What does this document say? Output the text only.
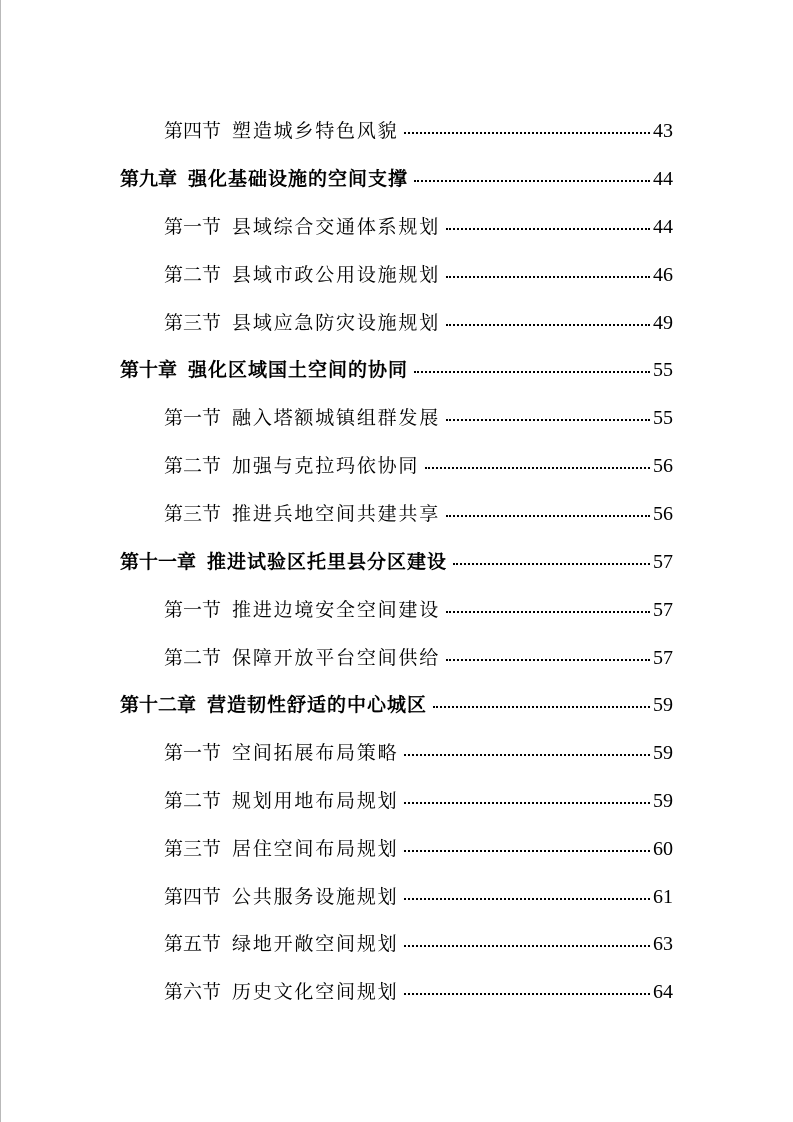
第四节 塑造城乡特色风貌	43
第九章 强化基础设施的空间支撑	44
第一节 县域综合交通体系规划	44
第二节 县域市政公用设施规划	46
第三节 县域应急防灾设施规划	49
第十章 强化区域国土空间的协同	55
第一节 融入塔额城镇组群发展	55
第二节 加强与克拉玛依协同	56
第三节 推进兵地空间共建共享	56
第十一章 推进试验区托里县分区建设	57
第一节 推进边境安全空间建设	57
第二节 保障开放平台空间供给	57
第十二章 营造韧性舒适的中心城区	59
第一节 空间拓展布局策略	59
第二节 规划用地布局规划	59
第三节 居住空间布局规划	60
第四节 公共服务设施规划	61
第五节 绿地开敞空间规划	63
第六节 历史文化空间规划	64
